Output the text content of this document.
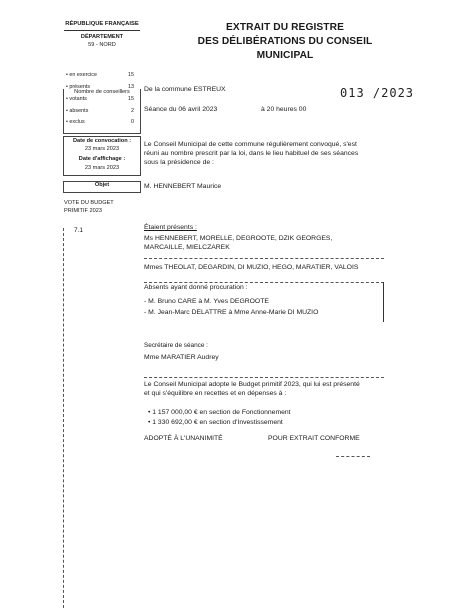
RÉPUBLIQUE FRANÇAISE
DÉPARTEMENT
59 - NORD
Nombre de conseillers
• en exercice	15
• présents	13
• votants	15
• absents	2
• exclus	0
Date de convocation :
23 mars 2023
Date d'affichage :
23 mars 2023
Objet
VOTE DU BUDGET
PRIMITIF 2023
7.1
EXTRAIT DU REGISTRE
DES DÉLIBÉRATIONS DU CONSEIL
MUNICIPAL
013 /2023
De la commune ESTREUX
Séance du 06 avril 2023	à 20 heures 00
Le Conseil Municipal de cette commune régulièrement convoqué, s'est
réuni au nombre prescrit par la loi, dans le lieu habituel de ses séances
sous la présidence de :
M. HENNEBERT Maurice
Étaient présents :
Ms HENNEBERT, MORELLE, DEGROOTE, DZIK GEORGES,
MARCAILLE, MIELCZAREK
Mmes THEOLAT, DEGARDIN, DI MUZIO, HEGO, MARATIER, VALOIS
Absents ayant donné procuration :
- M. Bruno CARE à M. Yves DEGROOTE
- M. Jean-Marc DELATTRE à Mme Anne-Marie DI MUZIO
Secrétaire de séance :
Mme MARATIER Audrey
Le Conseil Municipal adopte le Budget primitif 2023, qui lui est présenté
et qui s'équilibre en recettes et en dépenses à :
• 1 157 000,00 € en section de Fonctionnement
• 1 330 692,00 € en section d'Investissement
ADOPTÉ À L'UNANIMITÉ	POUR EXTRAIT CONFORME
